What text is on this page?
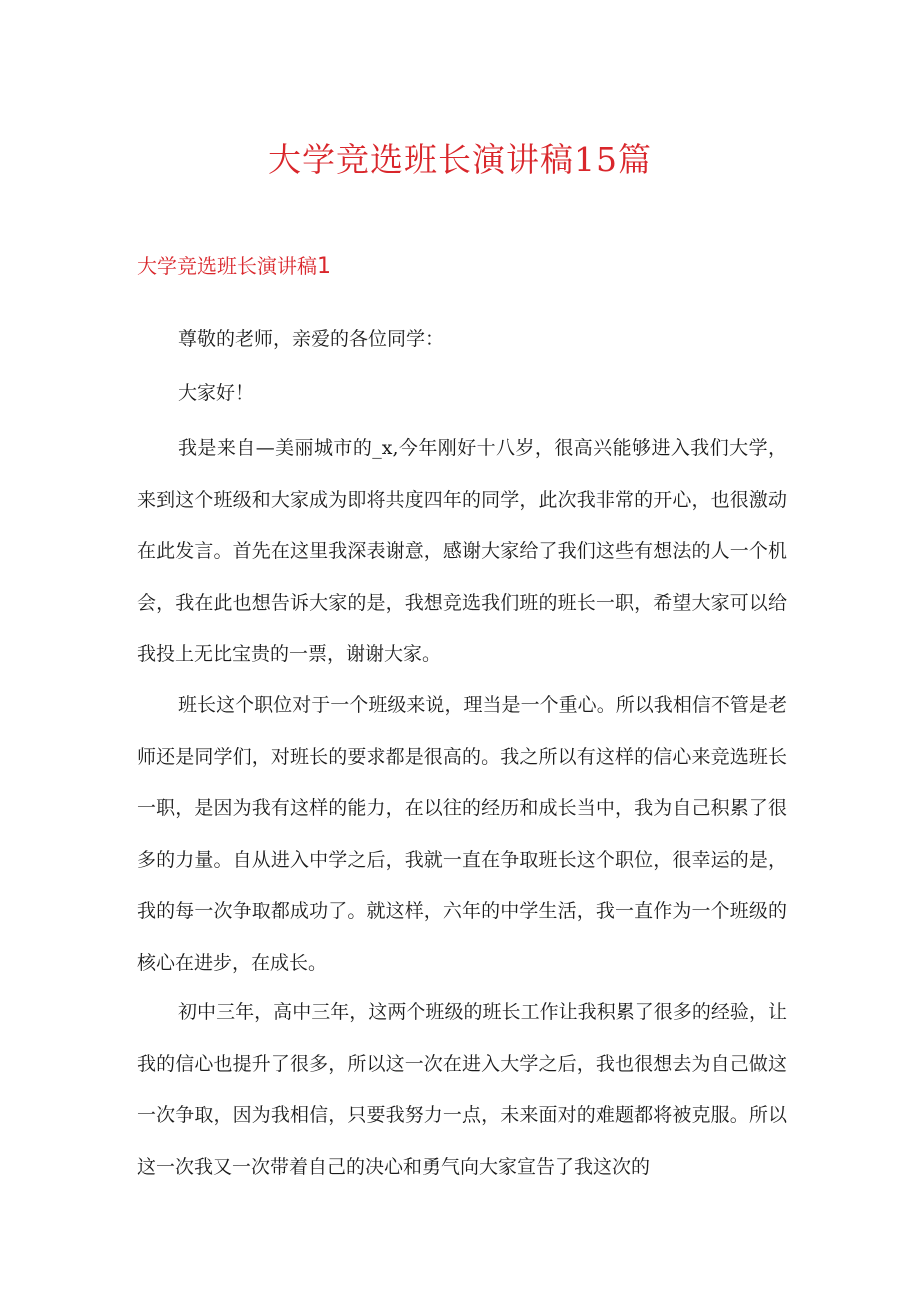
大学竞选班长演讲稿15篇
大学竞选班长演讲稿1

尊敬的老师，亲爱的各位同学：

大家好！

我是来自—美丽城市的_x,今年刚好十八岁，很高兴能够进入我们大学，来到这个班级和大家成为即将共度四年的同学，此次我非常的开心，也很激动在此发言。首先在这里我深表谢意，感谢大家给了我们这些有想法的人一个机会，我在此也想告诉大家的是，我想竞选我们班的班长一职，希望大家可以给我投上无比宝贵的一票，谢谢大家。

班长这个职位对于一个班级来说，理当是一个重心。所以我相信不管是老师还是同学们，对班长的要求都是很高的。我之所以有这样的信心来竞选班长一职，是因为我有这样的能力，在以往的经历和成长当中，我为自己积累了很多的力量。自从进入中学之后，我就一直在争取班长这个职位，很幸运的是，我的每一次争取都成功了。就这样，六年的中学生活，我一直作为一个班级的核心在进步，在成长。

初中三年，高中三年，这两个班级的班长工作让我积累了很多的经验，让我的信心也提升了很多，所以这一次在进入大学之后，我也很想去为自己做这一次争取，因为我相信，只要我努力一点，未来面对的难题都将被克服。所以这一次我又一次带着自己的决心和勇气向大家宣告了我这次的
